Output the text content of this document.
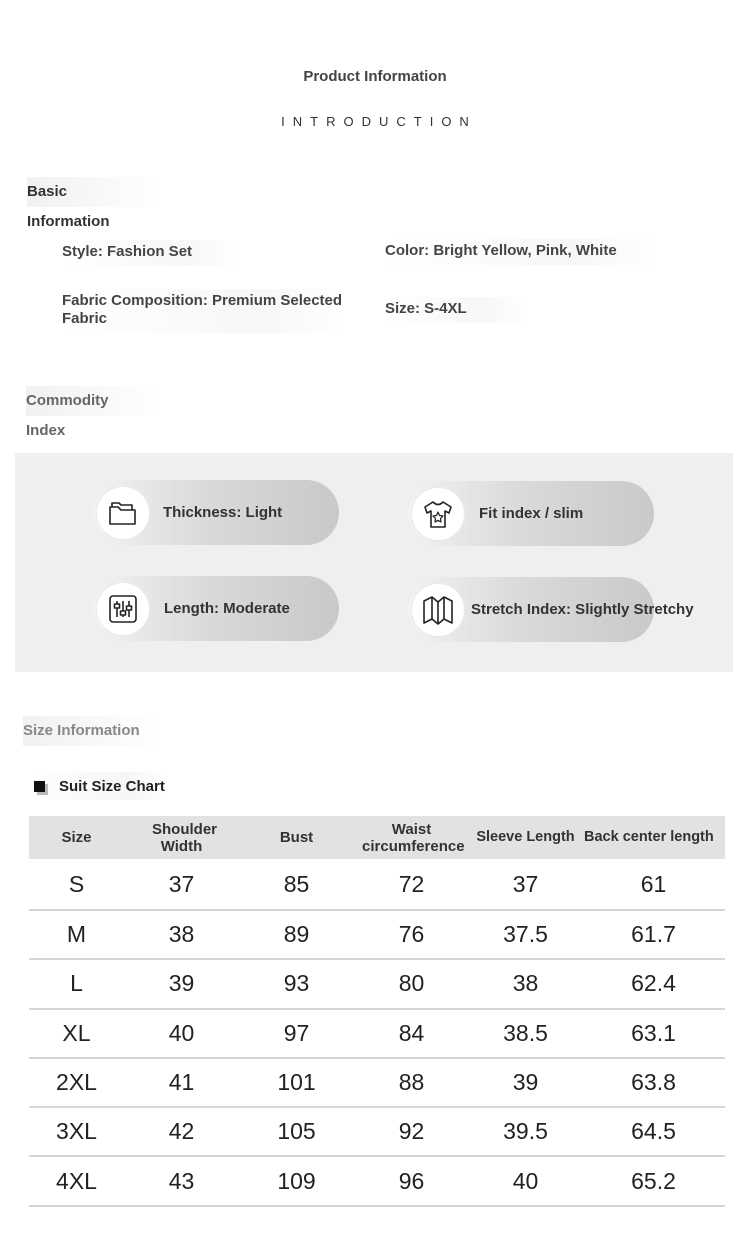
Product Information
INTRODUCTION
Basic Information
Style: Fashion Set	Color: Bright Yellow, Pink, White
Fabric Composition: Premium Selected Fabric
Size: S-4XL
Commodity Index
Thickness: Light	Fit index / slim
Length: Moderate	Stretch Index: Slightly Stretchy
Size Information
Suit Size Chart
Size	Shoulder Width	Bust	Waist circumference	Sleeve Length	Back center length
S	37	85	72	37	61
M	38	89	76	37.5	61.7
L	39	93	80	38	62.4
XL	40	97	84	38.5	63.1
2XL	41	101	88	39	63.8
3XL	42	105	92	39.5	64.5
4XL	43	109	96	40	65.2
